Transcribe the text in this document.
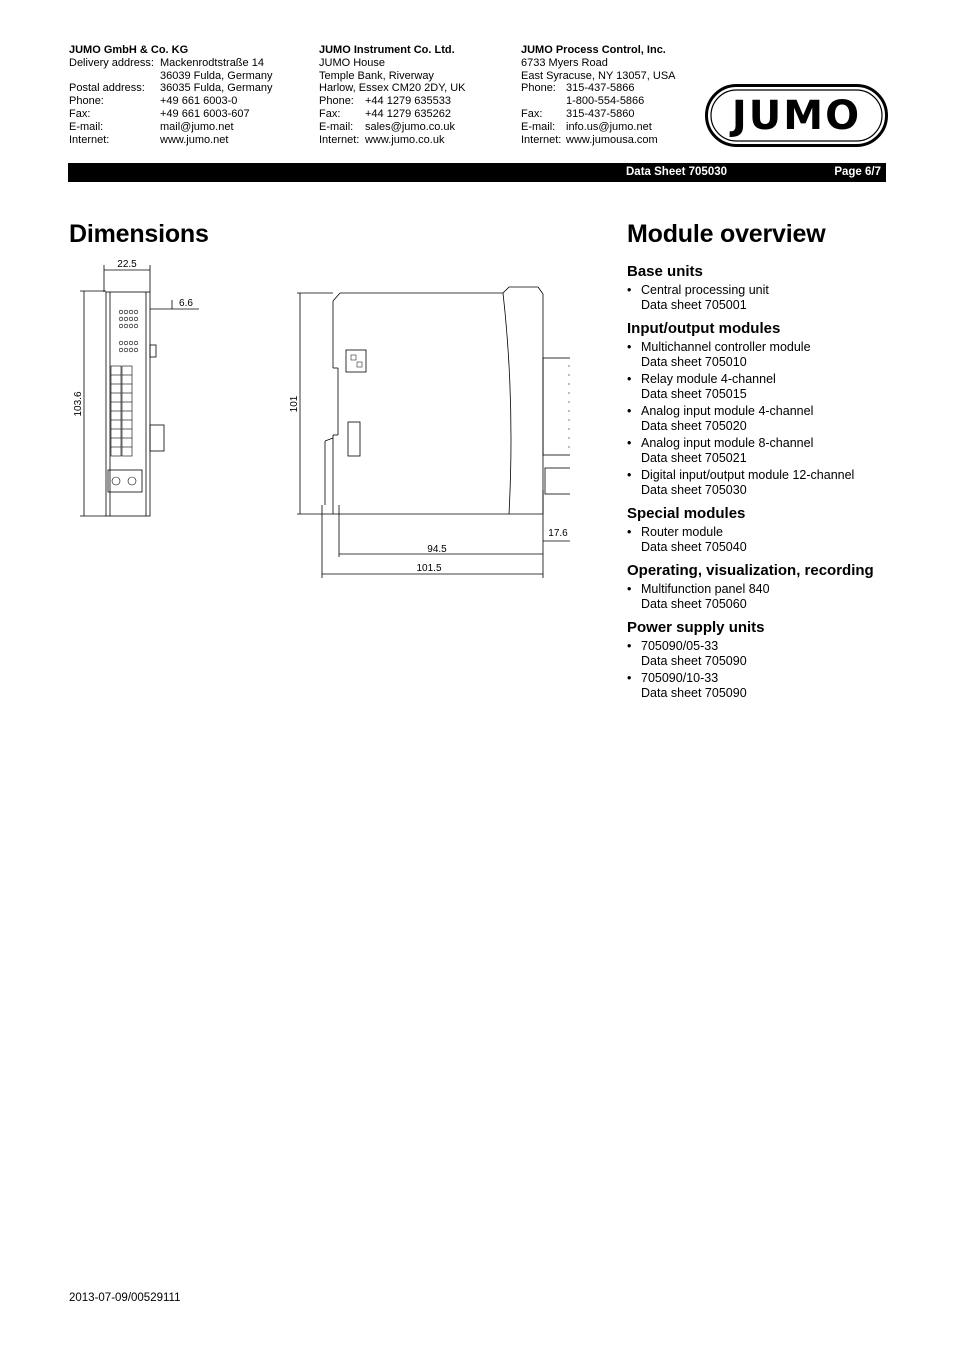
JUMO GmbH & Co. KG
Delivery address: Mackenrodtstraße 14
36039 Fulda, Germany
Postal address:	36035 Fulda, Germany
Phone:	+49 661 6003-0
Fax:	+49 661 6003-607
E-mail:	mail@jumo.net
Internet:	www.jumo.net
JUMO Instrument Co. Ltd.
JUMO House
Temple Bank, Riverway
Harlow, Essex CM20 2DY, UK
Phone:	+44 1279 635533
Fax:	+44 1279 635262
E-mail:	sales@jumo.co.uk
Internet: www.jumo.co.uk
JUMO Process Control, Inc.
6733 Myers Road
East Syracuse, NY 13057, USA
Phone: 315-437-5866
1-800-554-5866
Fax:	315-437-5860
E-mail: info.us@jumo.net
Internet: www.jumousa.com
JUMO
Data Sheet 705030	Page 6/7
Dimensions	Module overview
22.5
6.6
103.6	101
94.5
101.5
17.6
Base units
• Central processing unit
Data sheet 705001
Input/output modules
• Multichannel controller module
Data sheet 705010
• Relay module 4-channel
Data sheet 705015
• Analog input module 4-channel
Data sheet 705020
• Analog input module 8-channel
Data sheet 705021
• Digital input/output module 12-channel
Data sheet 705030
Special modules
• Router module
Data sheet 705040
Operating, visualization, recording
• Multifunction panel 840
Data sheet 705060
Power supply units
• 705090/05-33
Data sheet 705090
• 705090/10-33
Data sheet 705090
2013-07-09/00529111
